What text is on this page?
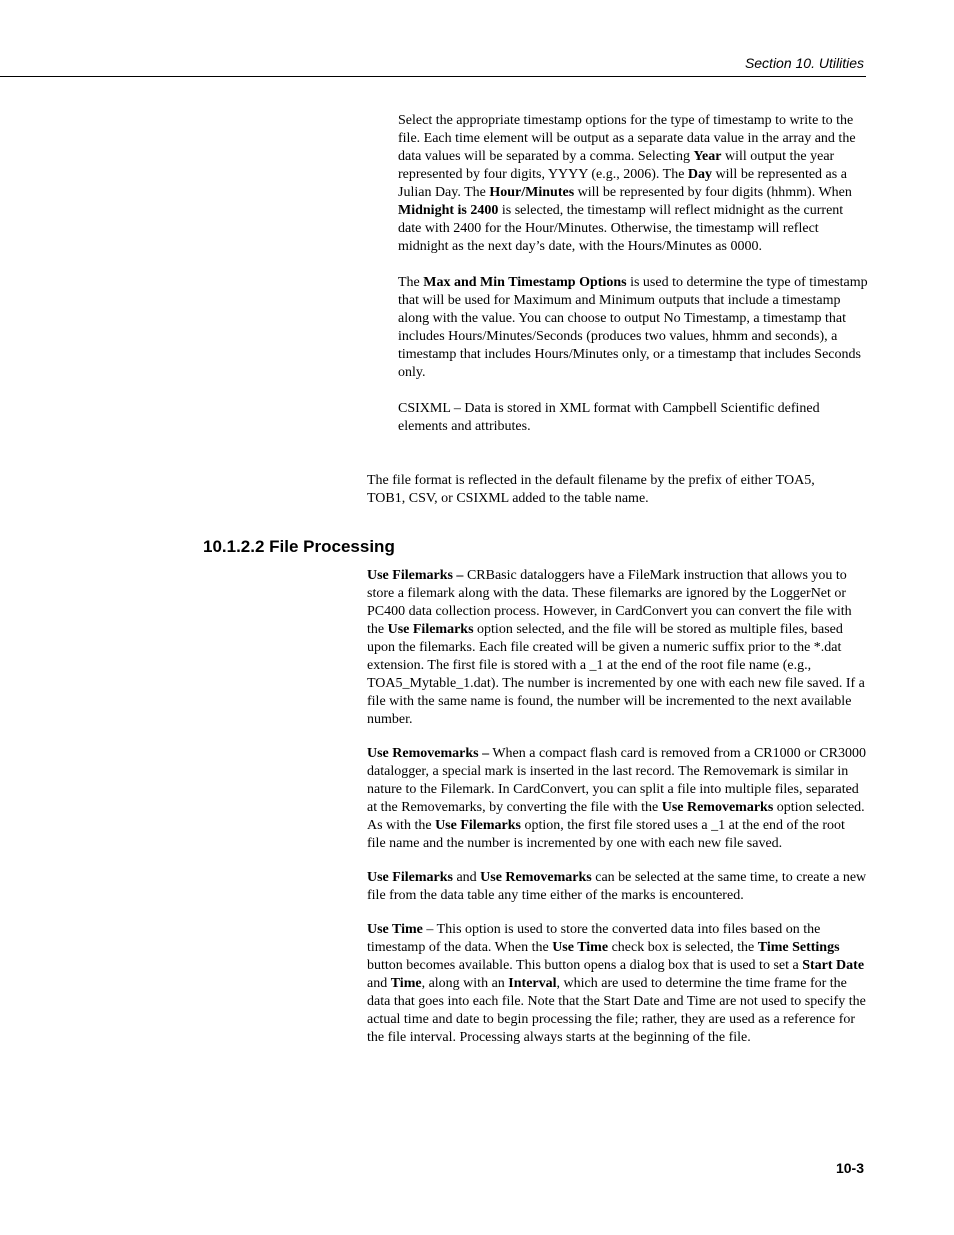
Section 10. Utilities

Select the appropriate timestamp options for the type of timestamp to write to the file. Each time element will be output as a separate data value in the array and the data values will be separated by a comma. Selecting Year will output the year represented by four digits, YYYY (e.g., 2006). The Day will be represented as a Julian Day. The Hour/Minutes will be represented by four digits (hhmm). When Midnight is 2400 is selected, the timestamp will reflect midnight as the current date with 2400 for the Hour/Minutes. Otherwise, the timestamp will reflect midnight as the next day’s date, with the Hours/Minutes as 0000.

The Max and Min Timestamp Options is used to determine the type of timestamp that will be used for Maximum and Minimum outputs that include a timestamp along with the value. You can choose to output No Timestamp, a timestamp that includes Hours/Minutes/Seconds (produces two values, hhmm and seconds), a timestamp that includes Hours/Minutes only, or a timestamp that includes Seconds only.

CSIXML – Data is stored in XML format with Campbell Scientific defined elements and attributes.

The file format is reflected in the default filename by the prefix of either TOA5, TOB1, CSV, or CSIXML added to the table name.

10.1.2.2 File Processing

Use Filemarks – CRBasic dataloggers have a FileMark instruction that allows you to store a filemark along with the data. These filemarks are ignored by the LoggerNet or PC400 data collection process. However, in CardConvert you can convert the file with the Use Filemarks option selected, and the file will be stored as multiple files, based upon the filemarks. Each file created will be given a numeric suffix prior to the *.dat extension. The first file is stored with a _1 at the end of the root file name (e.g., TOA5_Mytable_1.dat). The number is incremented by one with each new file saved. If a file with the same name is found, the number will be incremented to the next available number.

Use Removemarks – When a compact flash card is removed from a CR1000 or CR3000 datalogger, a special mark is inserted in the last record. The Removemark is similar in nature to the Filemark. In CardConvert, you can split a file into multiple files, separated at the Removemarks, by converting the file with the Use Removemarks option selected. As with the Use Filemarks option, the first file stored uses a _1 at the end of the root file name and the number is incremented by one with each new file saved.

Use Filemarks and Use Removemarks can be selected at the same time, to create a new file from the data table any time either of the marks is encountered.

Use Time – This option is used to store the converted data into files based on the timestamp of the data. When the Use Time check box is selected, the Time Settings button becomes available. This button opens a dialog box that is used to set a Start Date and Time, along with an Interval, which are used to determine the time frame for the data that goes into each file. Note that the Start Date and Time are not used to specify the actual time and date to begin processing the file; rather, they are used as a reference for the file interval. Processing always starts at the beginning of the file.

10-3
